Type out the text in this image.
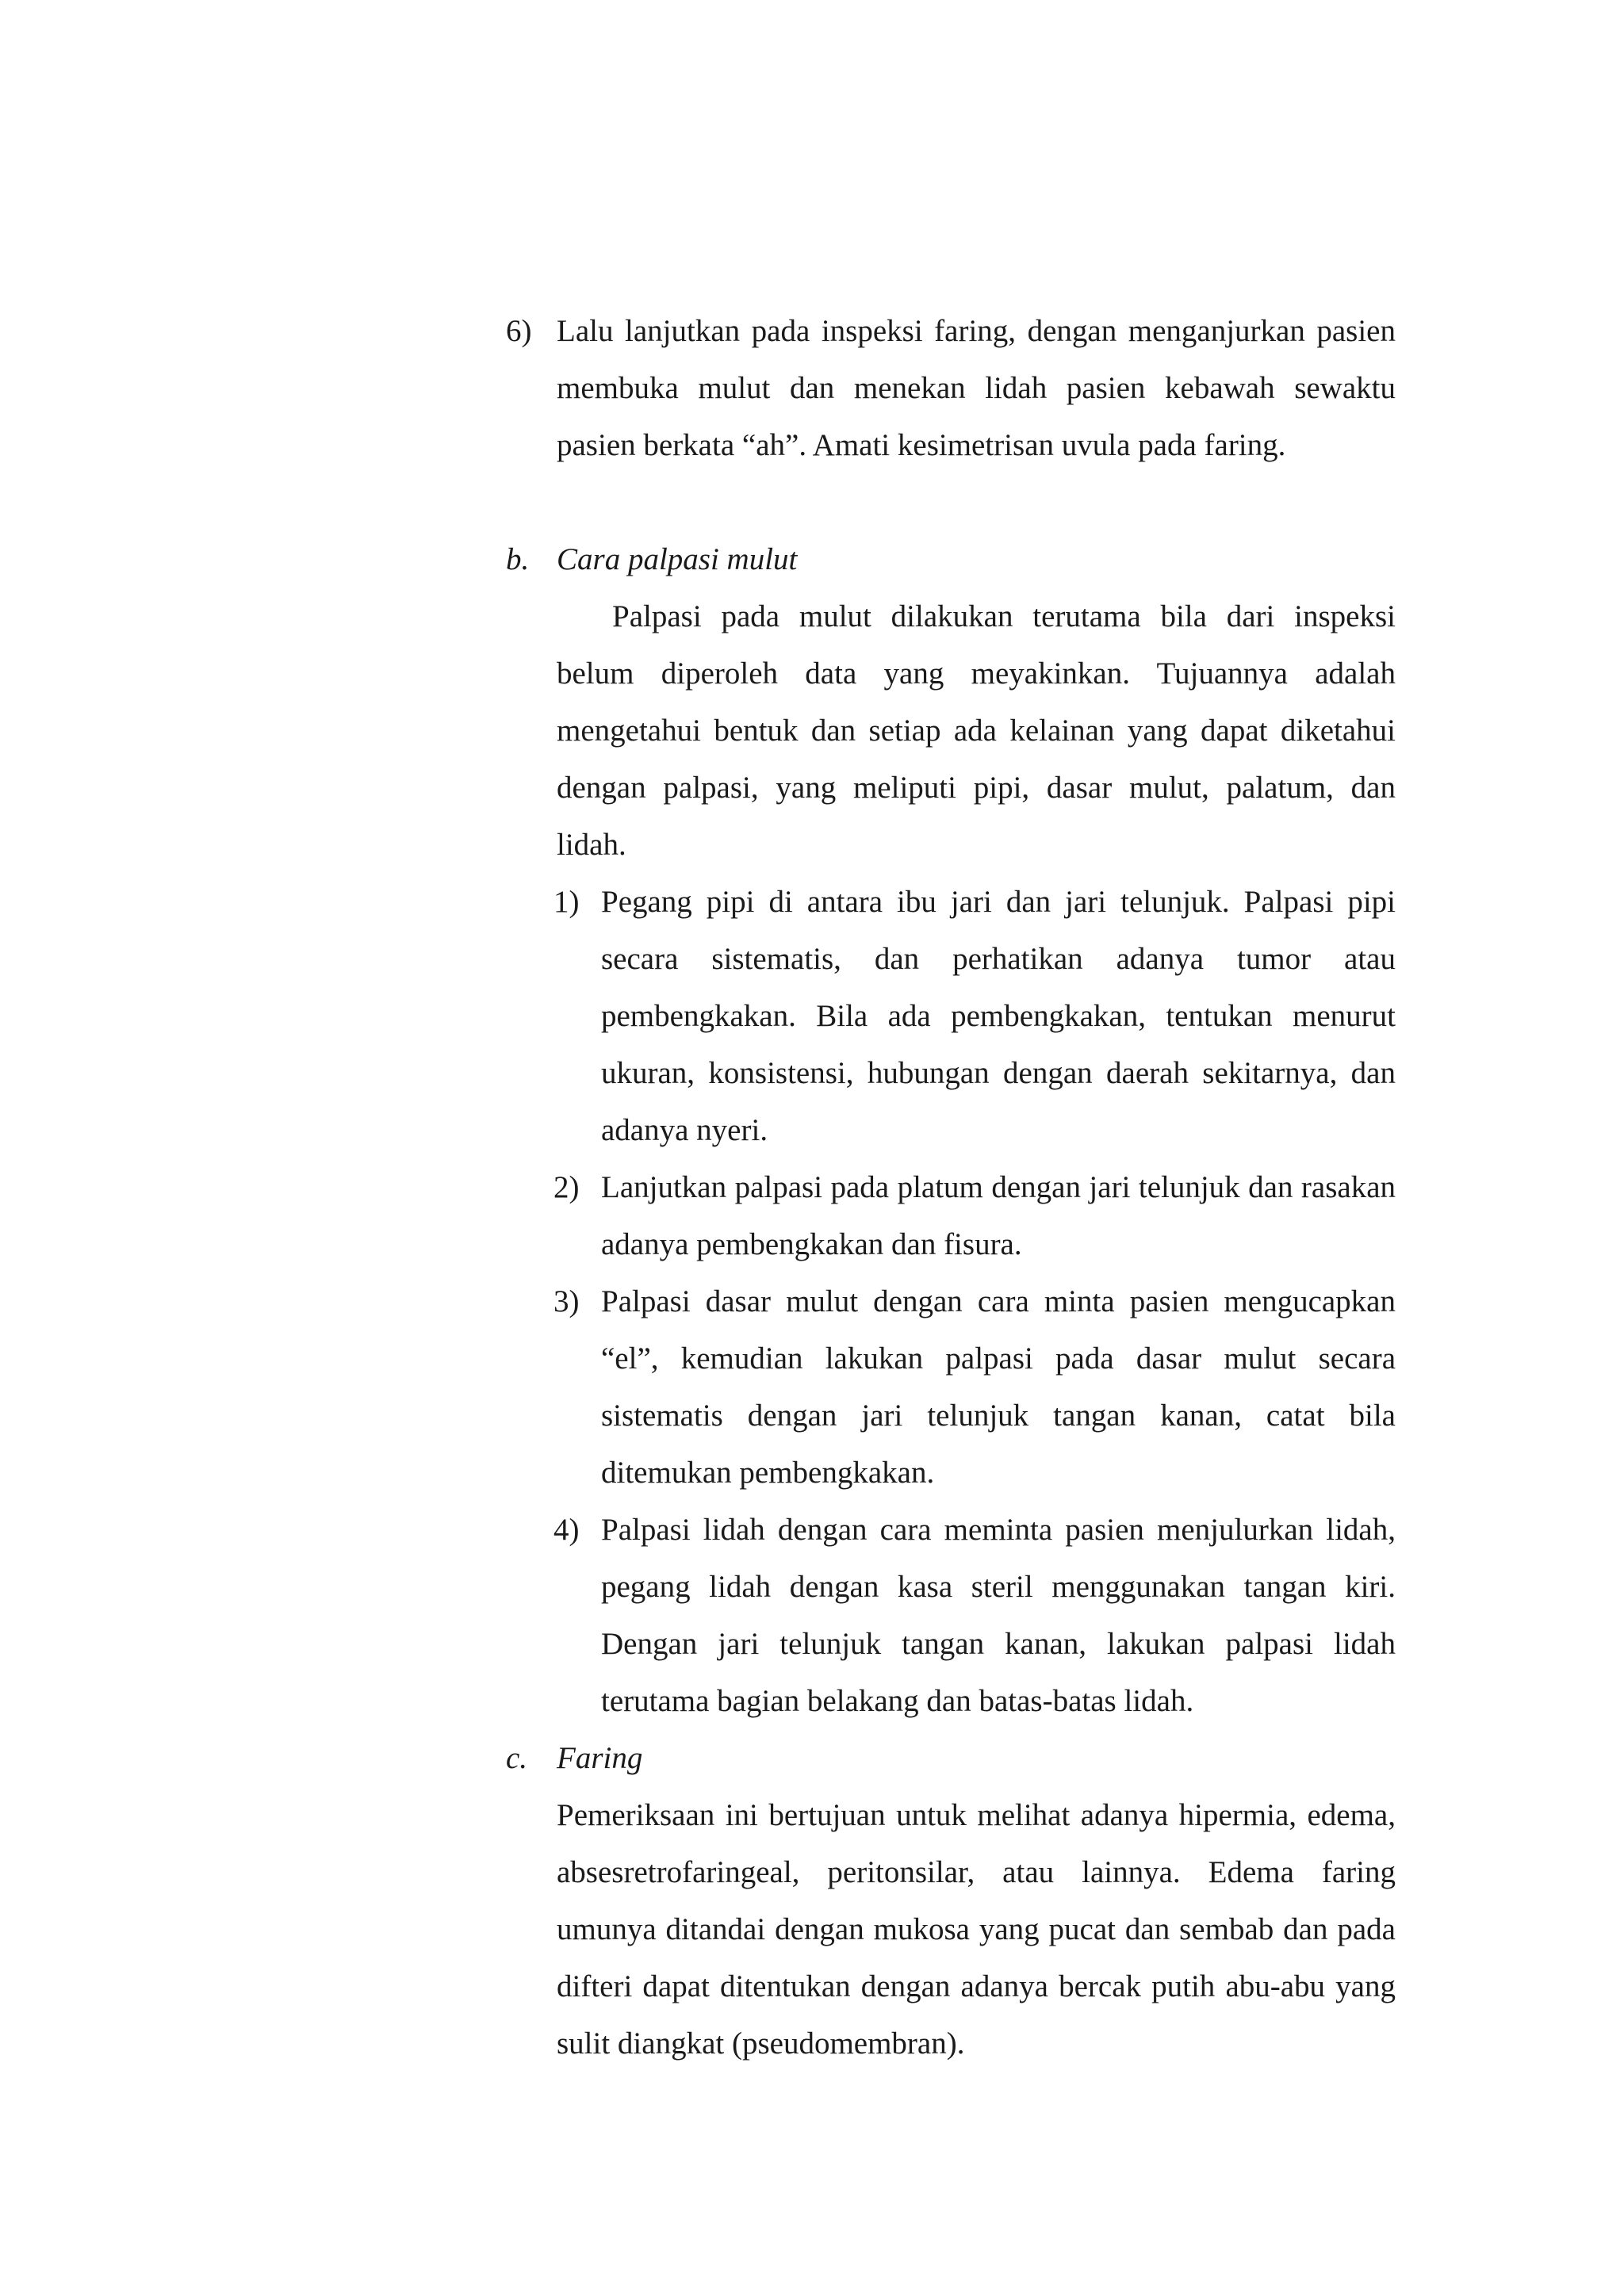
6) Lalu lanjutkan pada inspeksi faring, dengan menganjurkan pasien membuka mulut dan menekan lidah pasien kebawah sewaktu pasien berkata “ah”. Amati kesimetrisan uvula pada faring.
b. Cara palpasi mulut
Palpasi pada mulut dilakukan terutama bila dari inspeksi belum diperoleh data yang meyakinkan. Tujuannya adalah mengetahui bentuk dan setiap ada kelainan yang dapat diketahui dengan palpasi, yang meliputi pipi, dasar mulut, palatum, dan lidah.
1) Pegang pipi di antara ibu jari dan jari telunjuk. Palpasi pipi secara sistematis, dan perhatikan adanya tumor atau pembengkakan. Bila ada pembengkakan, tentukan menurut ukuran, konsistensi, hubungan dengan daerah sekitarnya, dan adanya nyeri.
2) Lanjutkan palpasi pada platum dengan jari telunjuk dan rasakan adanya pembengkakan dan fisura.
3) Palpasi dasar mulut dengan cara minta pasien mengucapkan “el”, kemudian lakukan palpasi pada dasar mulut secara sistematis dengan jari telunjuk tangan kanan, catat bila ditemukan pembengkakan.
4) Palpasi lidah dengan cara meminta pasien menjulurkan lidah, pegang lidah dengan kasa steril menggunakan tangan kiri. Dengan jari telunjuk tangan kanan, lakukan palpasi lidah terutama bagian belakang dan batas-batas lidah.
c. Faring
Pemeriksaan ini bertujuan untuk melihat adanya hipermia, edema, absesretrofaringeal, peritonsilar, atau lainnya. Edema faring umunya ditandai dengan mukosa yang pucat dan sembab dan pada difteri dapat ditentukan dengan adanya bercak putih abu-abu yang sulit diangkat (pseudomembran).
